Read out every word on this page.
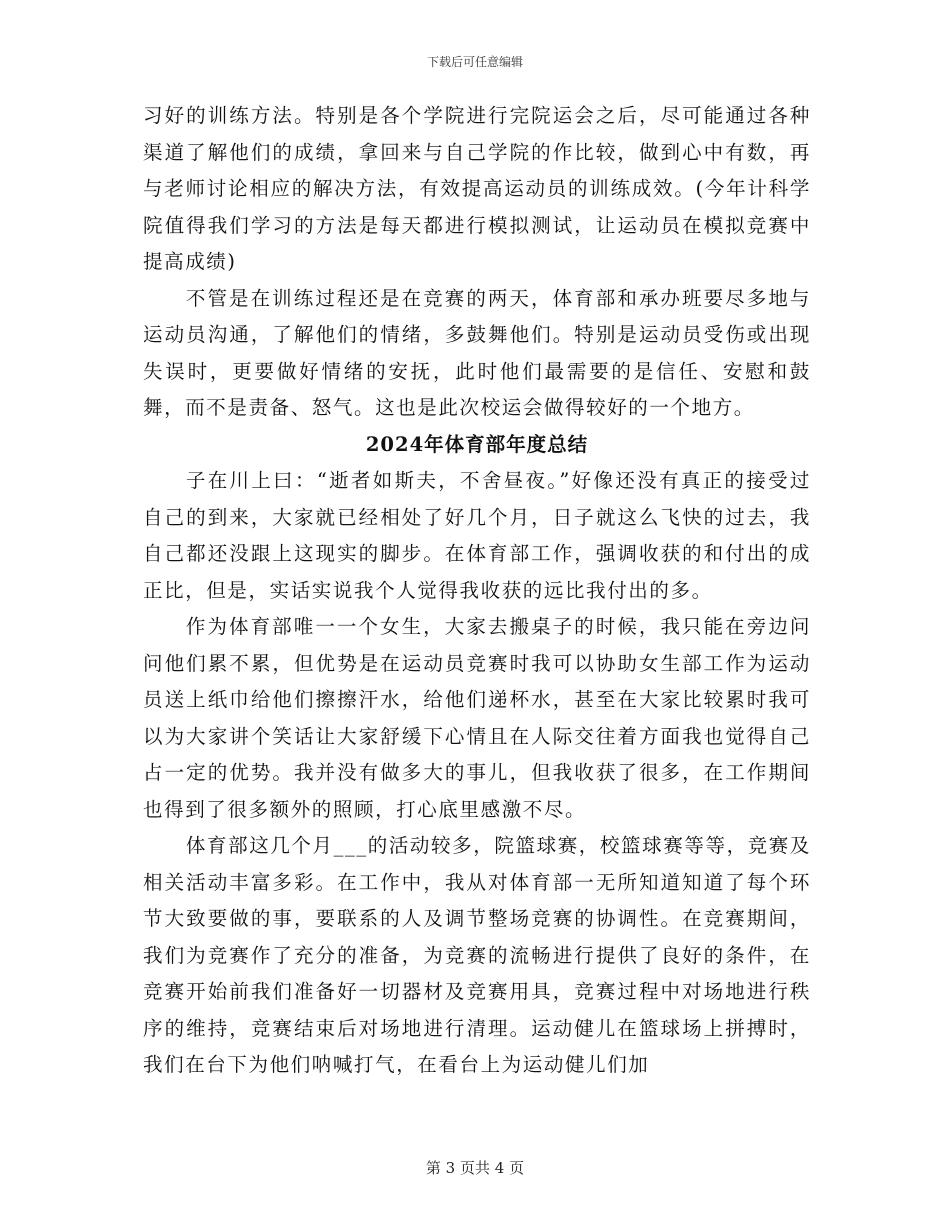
下载后可任意编辑

习好的训练方法。特别是各个学院进行完院运会之后，尽可能通过各种渠道了解他们的成绩，拿回来与自己学院的作比较，做到心中有数，再与老师讨论相应的解决方法，有效提高运动员的训练成效。(今年计科学院值得我们学习的方法是每天都进行模拟测试，让运动员在模拟竞赛中提高成绩)

不管是在训练过程还是在竞赛的两天，体育部和承办班要尽多地与运动员沟通，了解他们的情绪，多鼓舞他们。特别是运动员受伤或出现失误时，更要做好情绪的安抚，此时他们最需要的是信任、安慰和鼓舞，而不是责备、怒气。这也是此次校运会做得较好的一个地方。

2024年体育部年度总结

子在川上曰：“逝者如斯夫，不舍昼夜。”好像还没有真正的接受过自己的到来，大家就已经相处了好几个月，日子就这么飞快的过去，我自己都还没跟上这现实的脚步。在体育部工作，强调收获的和付出的成正比，但是，实话实说我个人觉得我收获的远比我付出的多。

作为体育部唯一一个女生，大家去搬桌子的时候，我只能在旁边问问他们累不累，但优势是在运动员竞赛时我可以协助女生部工作为运动员送上纸巾给他们擦擦汗水，给他们递杯水，甚至在大家比较累时我可以为大家讲个笑话让大家舒缓下心情且在人际交往着方面我也觉得自己占一定的优势。我并没有做多大的事儿，但我收获了很多，在工作期间也得到了很多额外的照顾，打心底里感激不尽。

体育部这几个月___的活动较多，院篮球赛，校篮球赛等等，竞赛及相关活动丰富多彩。在工作中，我从对体育部一无所知道知道了每个环节大致要做的事，要联系的人及调节整场竞赛的协调性。在竞赛期间，我们为竞赛作了充分的准备，为竞赛的流畅进行提供了良好的条件，在竞赛开始前我们准备好一切器材及竞赛用具，竞赛过程中对场地进行秩序的维持，竞赛结束后对场地进行清理。运动健儿在篮球场上拼搏时，我们在台下为他们呐喊打气，在看台上为运动健儿们加

第 3 页共 4 页
